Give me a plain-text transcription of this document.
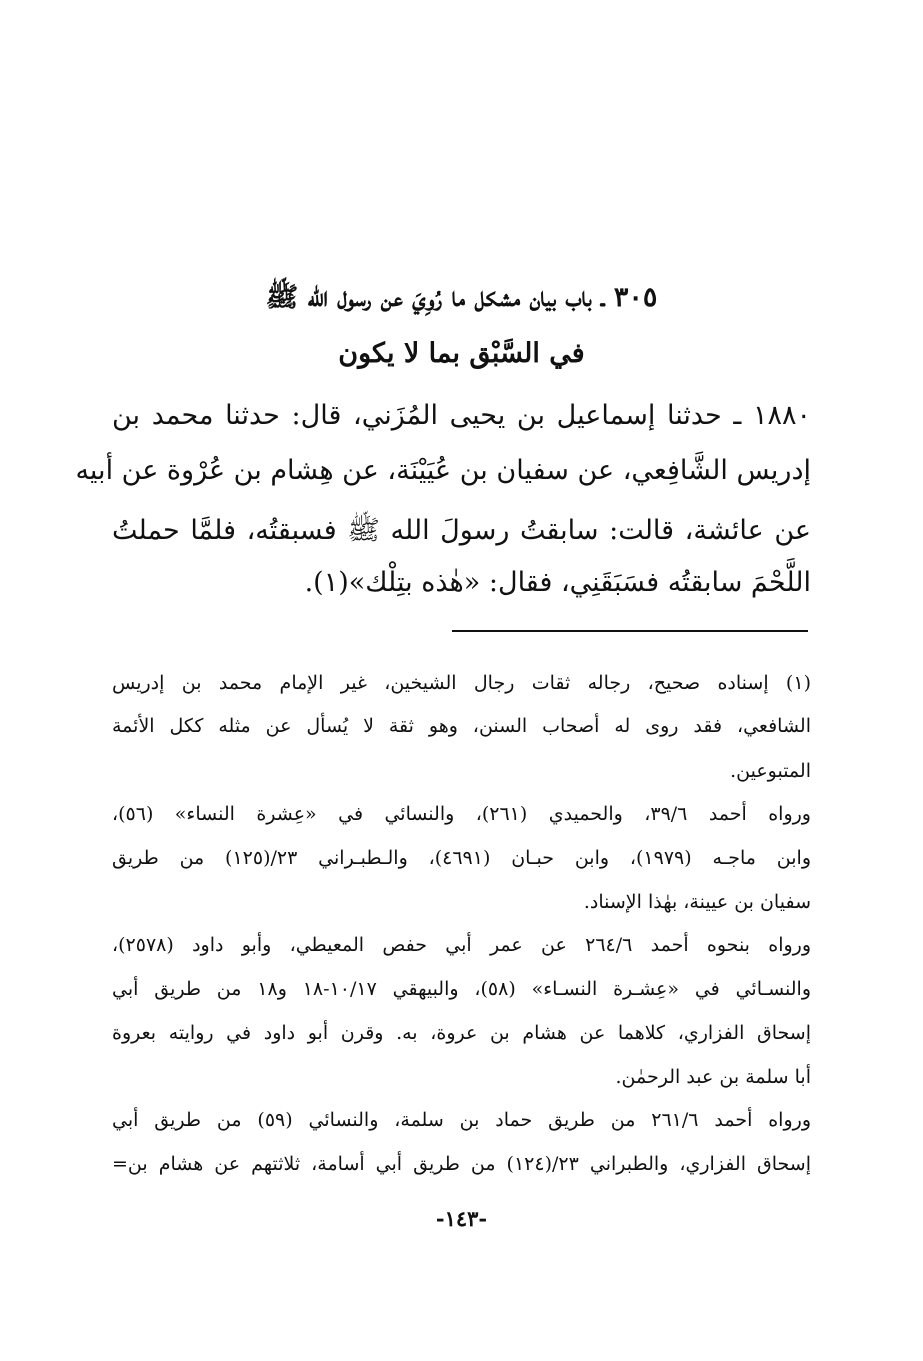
٣٠٥ ـ باب بيان مشكل ما رُوِيَ عن رسول الله ﷺ
في السَّبْق بما لا يكون
١٨٨٠ ـ حدثنا إسماعيل بن يحيى المُزَني، قال: حدثنا محمد بن
إدريس الشَّافِعي، عن سفيان بن عُيَيْنَة، عن هِشام بن عُرْوة عن أبيه
عن عائشة، قالت: سابقتُ رسولَ الله ﷺ فسبقتُه، فلمَّا حملتُ
اللَّحْمَ سابقتُه فسَبَقَنِي، فقال: «هٰذه بتِلْك»(١).
(١) إسناده صحيح، رجاله ثقات رجال الشيخين، غير الإمام محمد بن إدريس
الشافعي، فقد روى له أصحاب السنن، وهو ثقة لا يُسأل عن مثله ككل الأئمة
المتبوعين.
ورواه أحمد ٣٩/٦، والحميدي (٢٦١)، والنسائي في «عِشرة النساء» (٥٦)،
وابن ماجـه (١٩٧٩)، وابن حبـان (٤٦٩١)، والـطبـراني ٢٣/(١٢٥) من طريق
سفيان بن عيينة، بهٰذا الإسناد.
ورواه بنحوه أحمد ٢٦٤/٦ عن عمر أبي حفص المعيطي، وأبو داود (٢٥٧٨)،
والنسـائي في «عِشـرة النسـاء» (٥٨)، والبيهقي ١٠/١٧-١٨ و١٨ من طريق أبي
إسحاق الفزاري، كلاهما عن هشام بن عروة، به. وقرن أبو داود في روايته بعروة
أبا سلمة بن عبد الرحمٰن.
ورواه أحمد ٢٦١/٦ من طريق حماد بن سلمة، والنسائي (٥٩) من طريق أبي
إسحاق الفزاري، والطبراني ٢٣/(١٢٤) من طريق أبي أسامة، ثلاثتهم عن هشام بن=
-١٤٣-
